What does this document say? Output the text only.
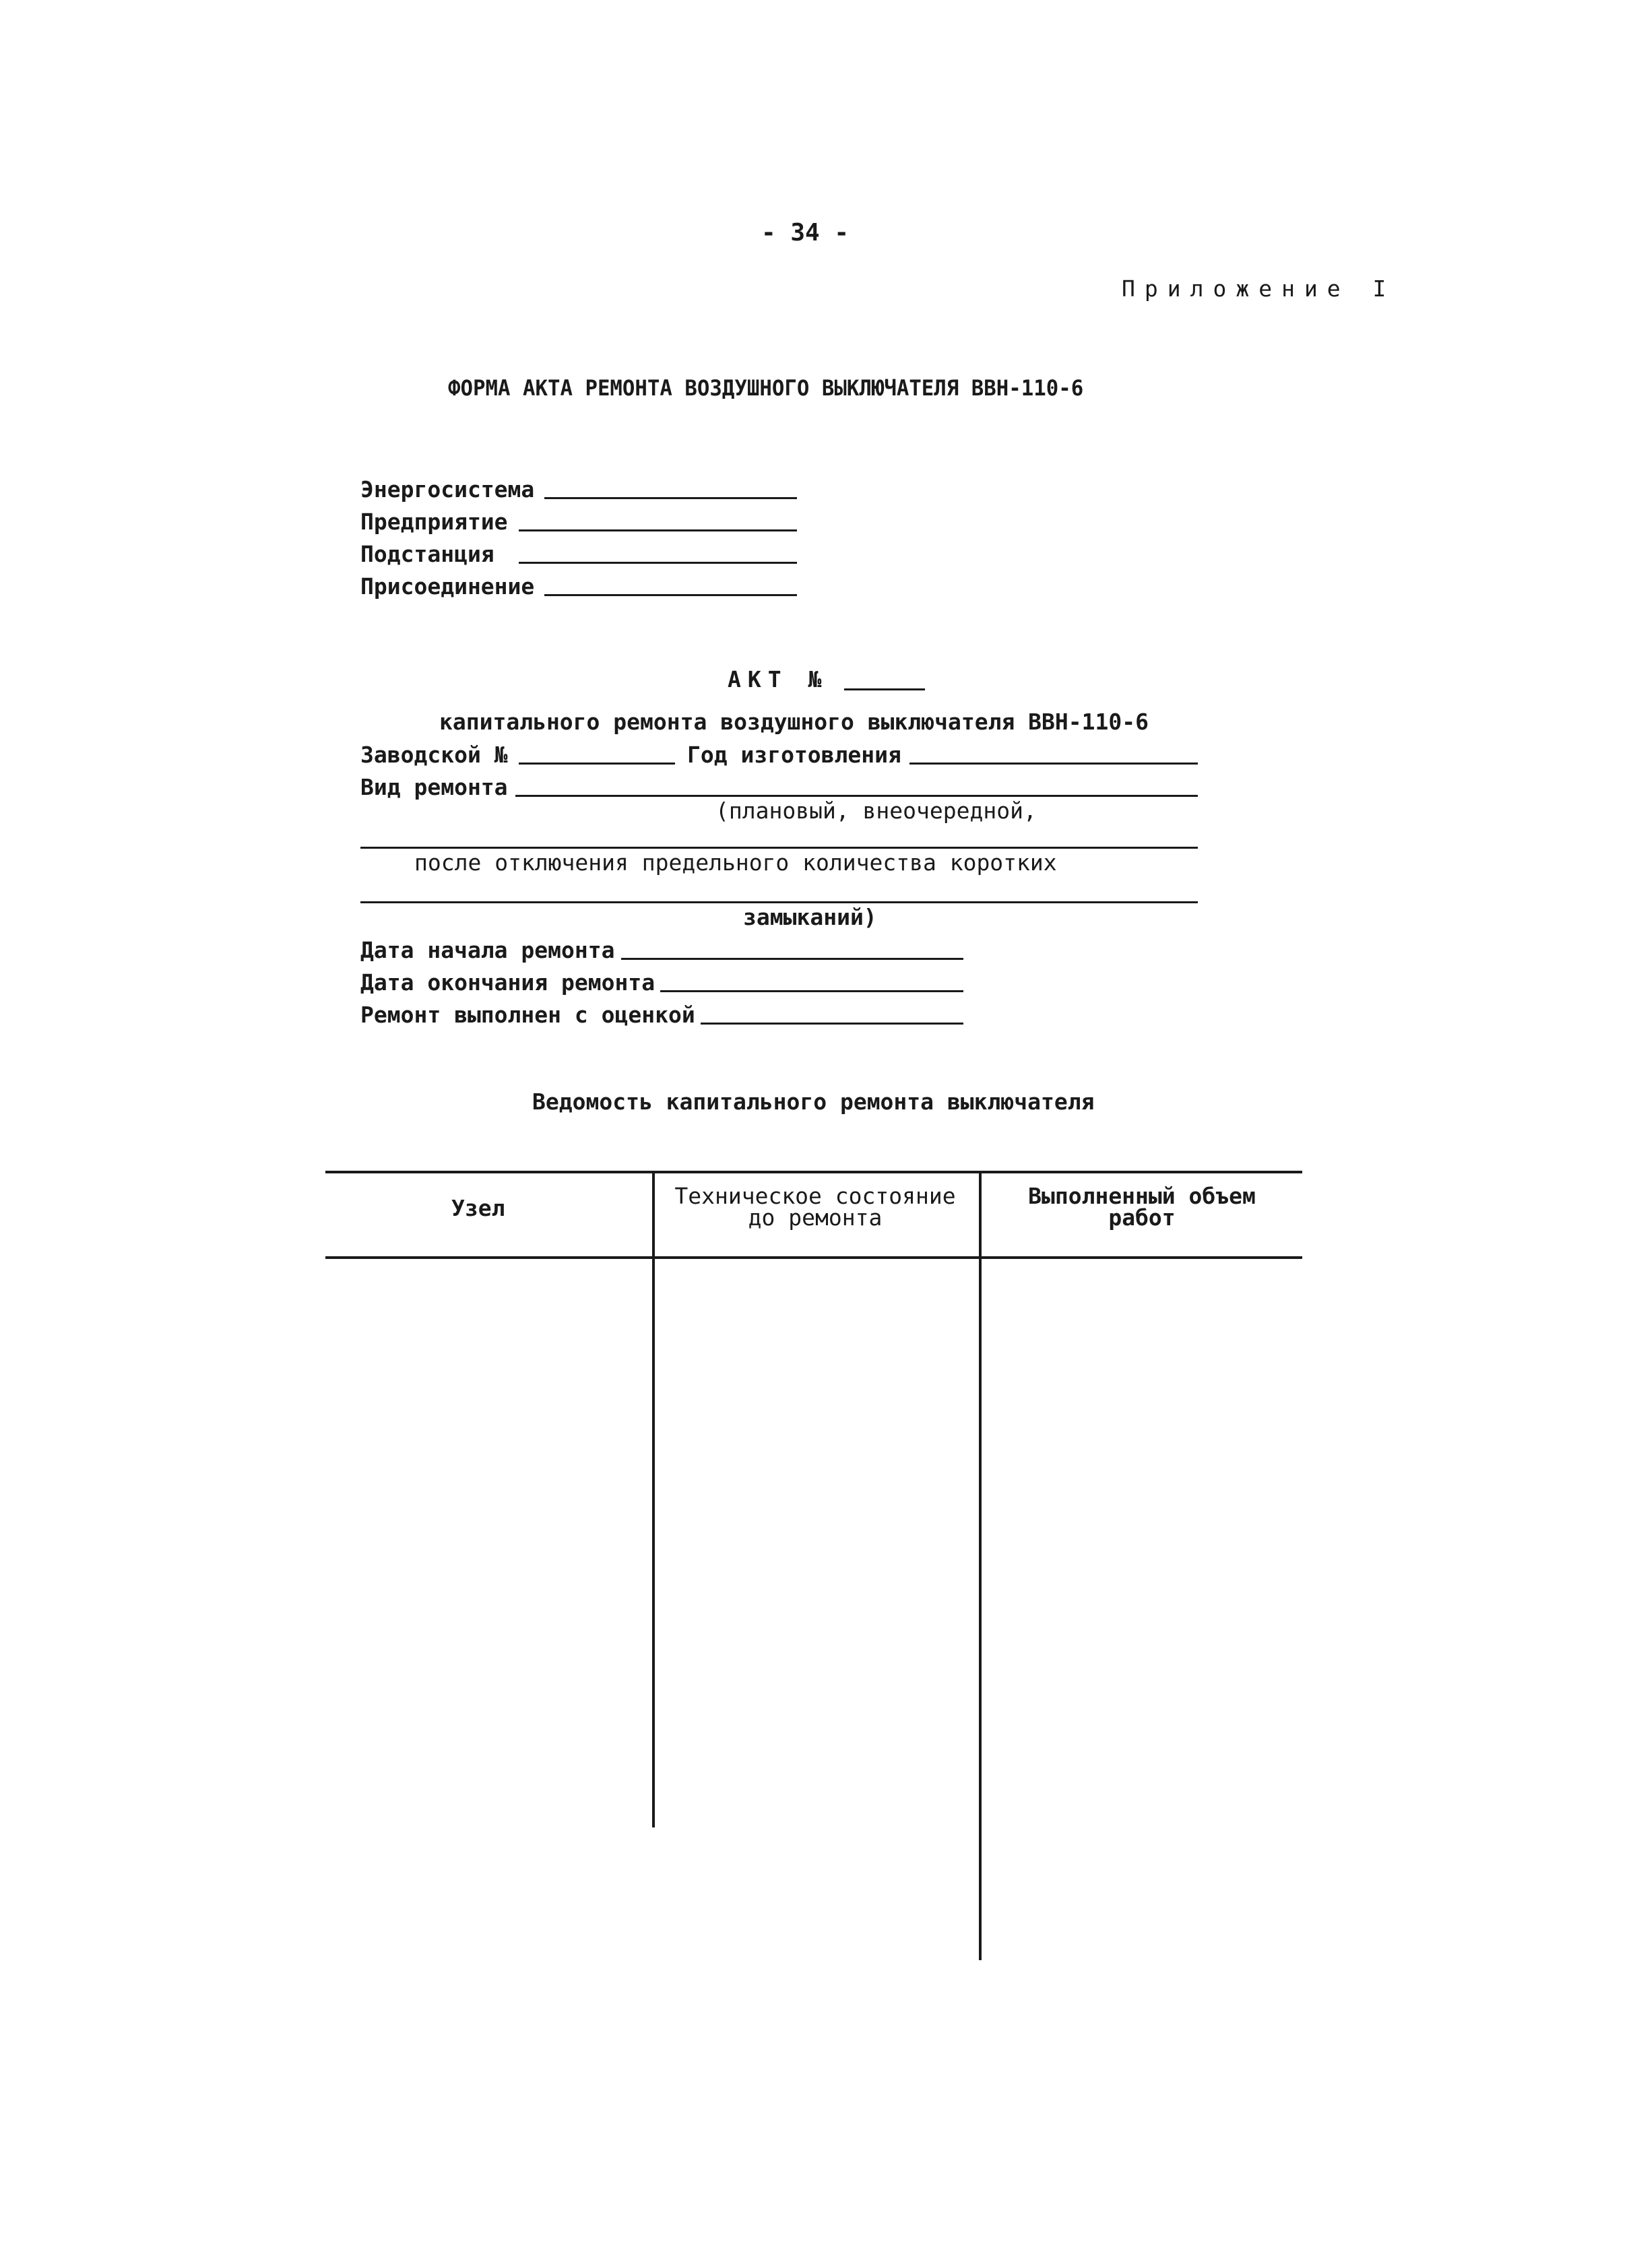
- 34 -
Приложение I
ФОРМА АКТА РЕМОНТА ВОЗДУШНОГО ВЫКЛЮЧАТЕЛЯ ВВН-110-6
Энергосистема
Предприятие
Подстанция
Присоединение
АКТ №
капитального ремонта воздушного выключателя ВВН-110-6
Заводской №	Год изготовления
Вид ремонта
(плановый, внеочередной,
после отключения предельного количества коротких
замыканий)
Дата начала ремонта
Дата окончания ремонта
Ремонт выполнен с оценкой
Ведомость капитального ремонта выключателя
Узел	Техническое состояние
до ремонта
Выполненный объем
работ
